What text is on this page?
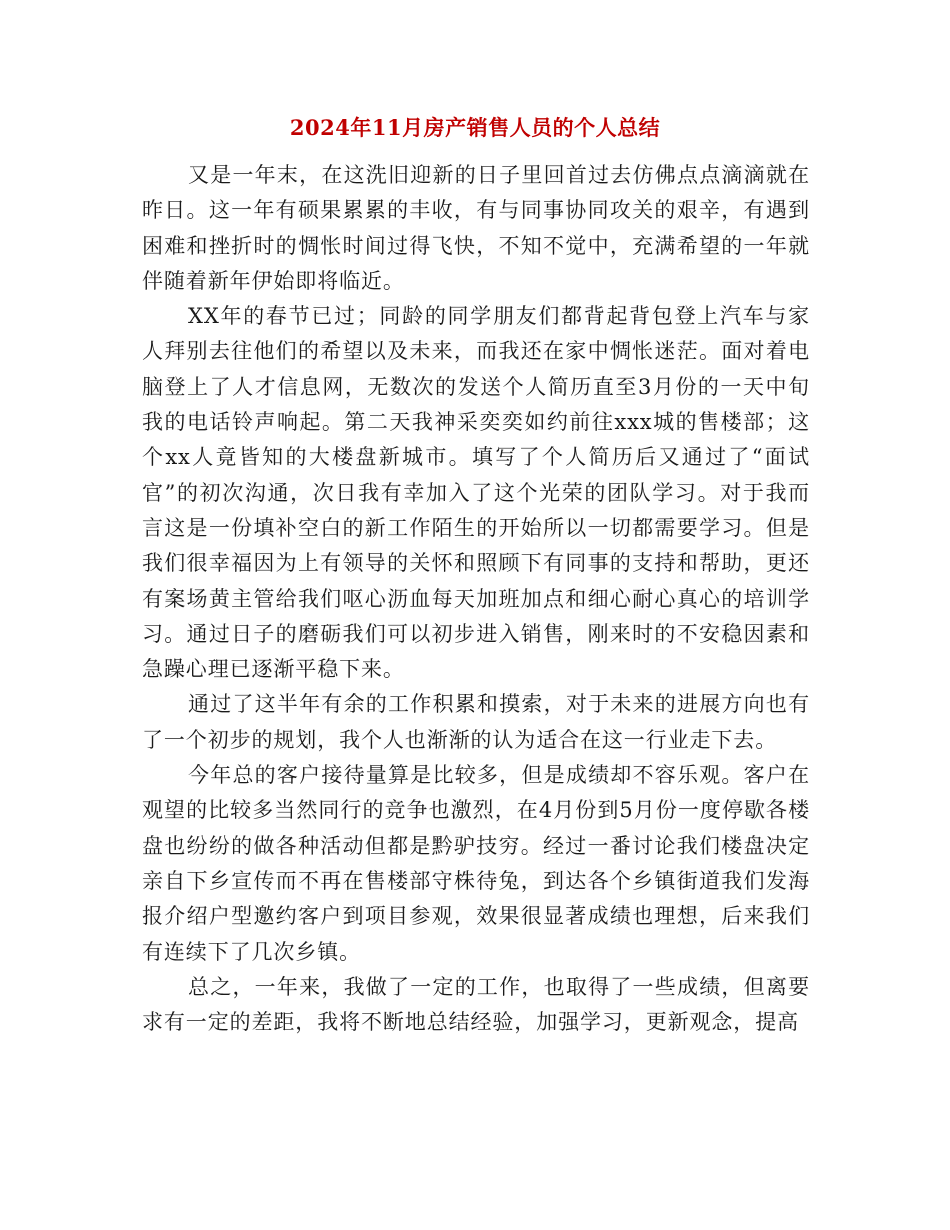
2024年11月房产销售人员的个人总结

又是一年末，在这洗旧迎新的日子里回首过去仿佛点点滴滴就在昨日。这一年有硕果累累的丰收，有与同事协同攻关的艰辛，有遇到困难和挫折时的惆怅时间过得飞快，不知不觉中，充满希望的一年就伴随着新年伊始即将临近。

XX年的春节已过；同龄的同学朋友们都背起背包登上汽车与家人拜别去往他们的希望以及未来，而我还在家中惆怅迷茫。面对着电脑登上了人才信息网，无数次的发送个人简历直至3月份的一天中旬我的电话铃声响起。第二天我神采奕奕如约前往xxx城的售楼部；这个xx人竟皆知的大楼盘新城市。填写了个人简历后又通过了“面试官”的初次沟通，次日我有幸加入了这个光荣的团队学习。对于我而言这是一份填补空白的新工作陌生的开始所以一切都需要学习。但是我们很幸福因为上有领导的关怀和照顾下有同事的支持和帮助，更还有案场黄主管给我们呕心沥血每天加班加点和细心耐心真心的培训学习。通过日子的磨砺我们可以初步进入销售，刚来时的不安稳因素和急躁心理已逐渐平稳下来。

通过了这半年有余的工作积累和摸索，对于未来的进展方向也有了一个初步的规划，我个人也渐渐的认为适合在这一行业走下去。

今年总的客户接待量算是比较多，但是成绩却不容乐观。客户在观望的比较多当然同行的竞争也激烈，在4月份到5月份一度停歇各楼盘也纷纷的做各种活动但都是黔驴技穷。经过一番讨论我们楼盘决定亲自下乡宣传而不再在售楼部守株待兔，到达各个乡镇街道我们发海报介绍户型邀约客户到项目参观，效果很显著成绩也理想，后来我们有连续下了几次乡镇。

总之，一年来，我做了一定的工作，也取得了一些成绩，但离要求有一定的差距，我将不断地总结经验，加强学习，更新观念，提高
